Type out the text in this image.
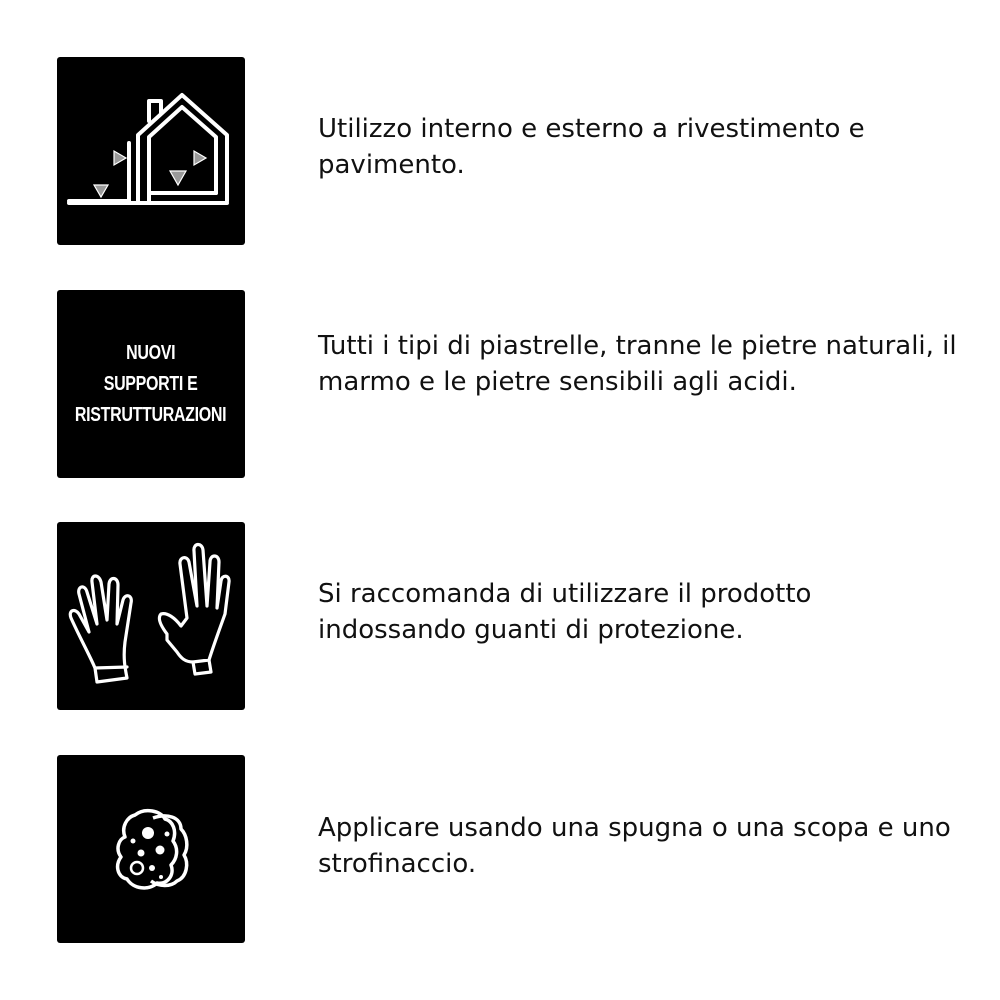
Utilizzo interno e esterno a rivestimento e pavimento.

NUOVI
SUPPORTI E
RISTRUTTURAZIONI

Tutti i tipi di piastrelle, tranne le pietre naturali, il marmo e le pietre sensibili agli acidi.

Si raccomanda di utilizzare il prodotto indossando guanti di protezione.

Applicare usando una spugna o una scopa e uno strofinaccio.
